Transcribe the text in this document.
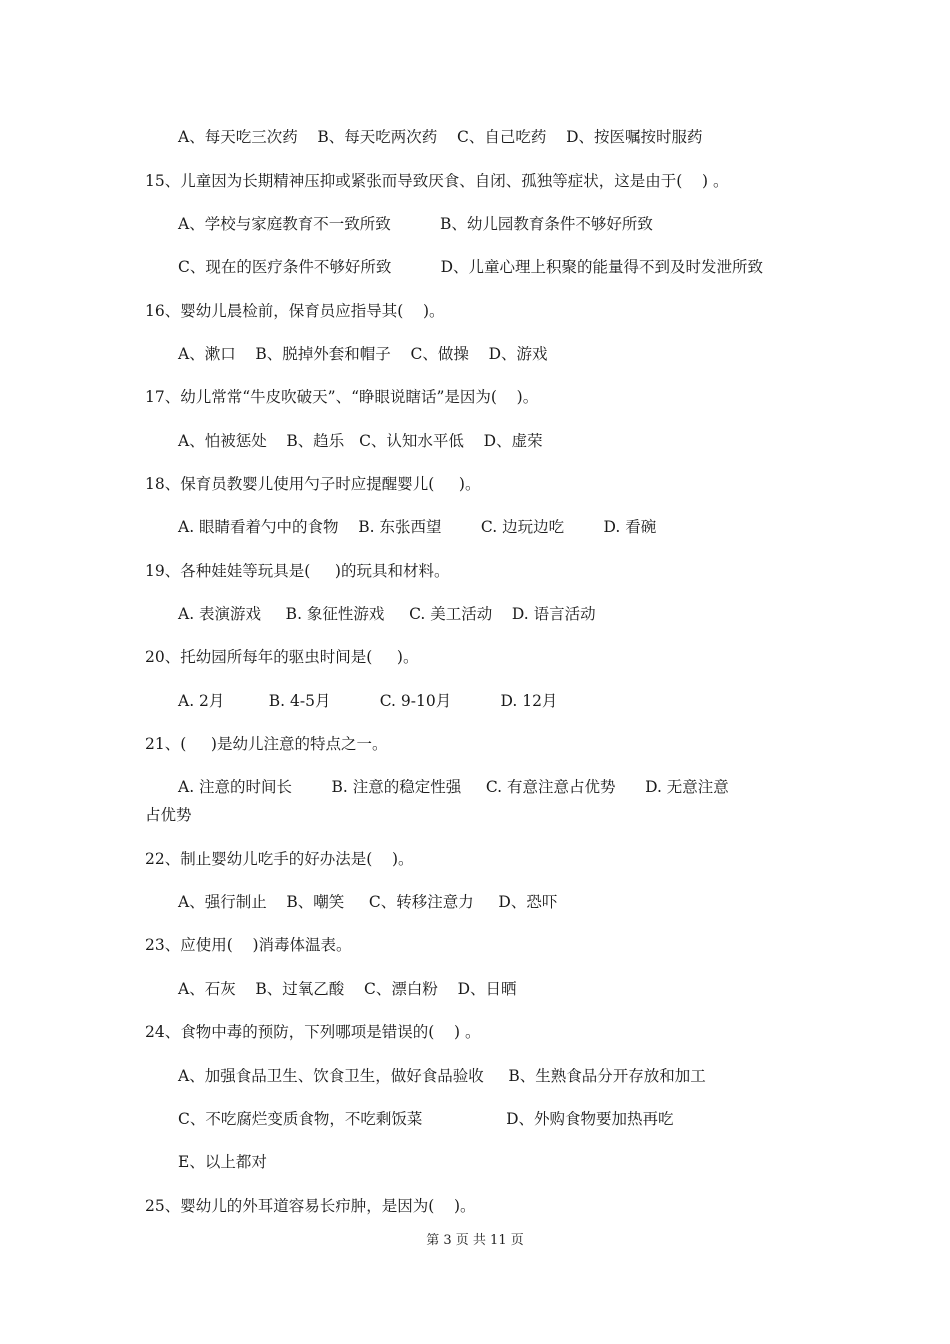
A、每天吃三次药    B、每天吃两次药    C、自己吃药    D、按医嘱按时服药
15、儿童因为长期精神压抑或紧张而导致厌食、自闭、孤独等症状，这是由于(    ) 。
A、学校与家庭教育不一致所致          B、幼儿园教育条件不够好所致
C、现在的医疗条件不够好所致          D、儿童心理上积聚的能量得不到及时发泄所致
16、婴幼儿晨检前，保育员应指导其(    )。
A、漱口    B、脱掉外套和帽子    C、做操    D、游戏
17、幼儿常常“牛皮吹破天”、“睁眼说瞎话”是因为(    )。
A、怕被惩处    B、趋乐   C、认知水平低    D、虚荣
18、保育员教婴儿使用勺子时应提醒婴儿(     )。
A. 眼睛看着勺中的食物    B. 东张西望        C. 边玩边吃        D. 看碗
19、各种娃娃等玩具是(     )的玩具和材料。
A. 表演游戏     B. 象征性游戏     C. 美工活动    D. 语言活动
20、托幼园所每年的驱虫时间是(     )。
A. 2月         B. 4-5月          C. 9-10月          D. 12月
21、(     )是幼儿注意的特点之一。
A. 注意的时间长        B. 注意的稳定性强     C. 有意注意占优势      D. 无意注意
占优势
22、制止婴幼儿吃手的好办法是(    )。
A、强行制止    B、嘲笑     C、转移注意力     D、恐吓
23、应使用(    )消毒体温表。
A、石灰    B、过氧乙酸    C、漂白粉    D、日晒
24、食物中毒的预防，下列哪项是错误的(    ) 。
A、加强食品卫生、饮食卫生，做好食品验收     B、生熟食品分开存放和加工
C、不吃腐烂变质食物，不吃剩饭菜                 D、外购食物要加热再吃
E、以上都对
25、婴幼儿的外耳道容易长疖肿，是因为(    )。
第 3 页 共 11 页
